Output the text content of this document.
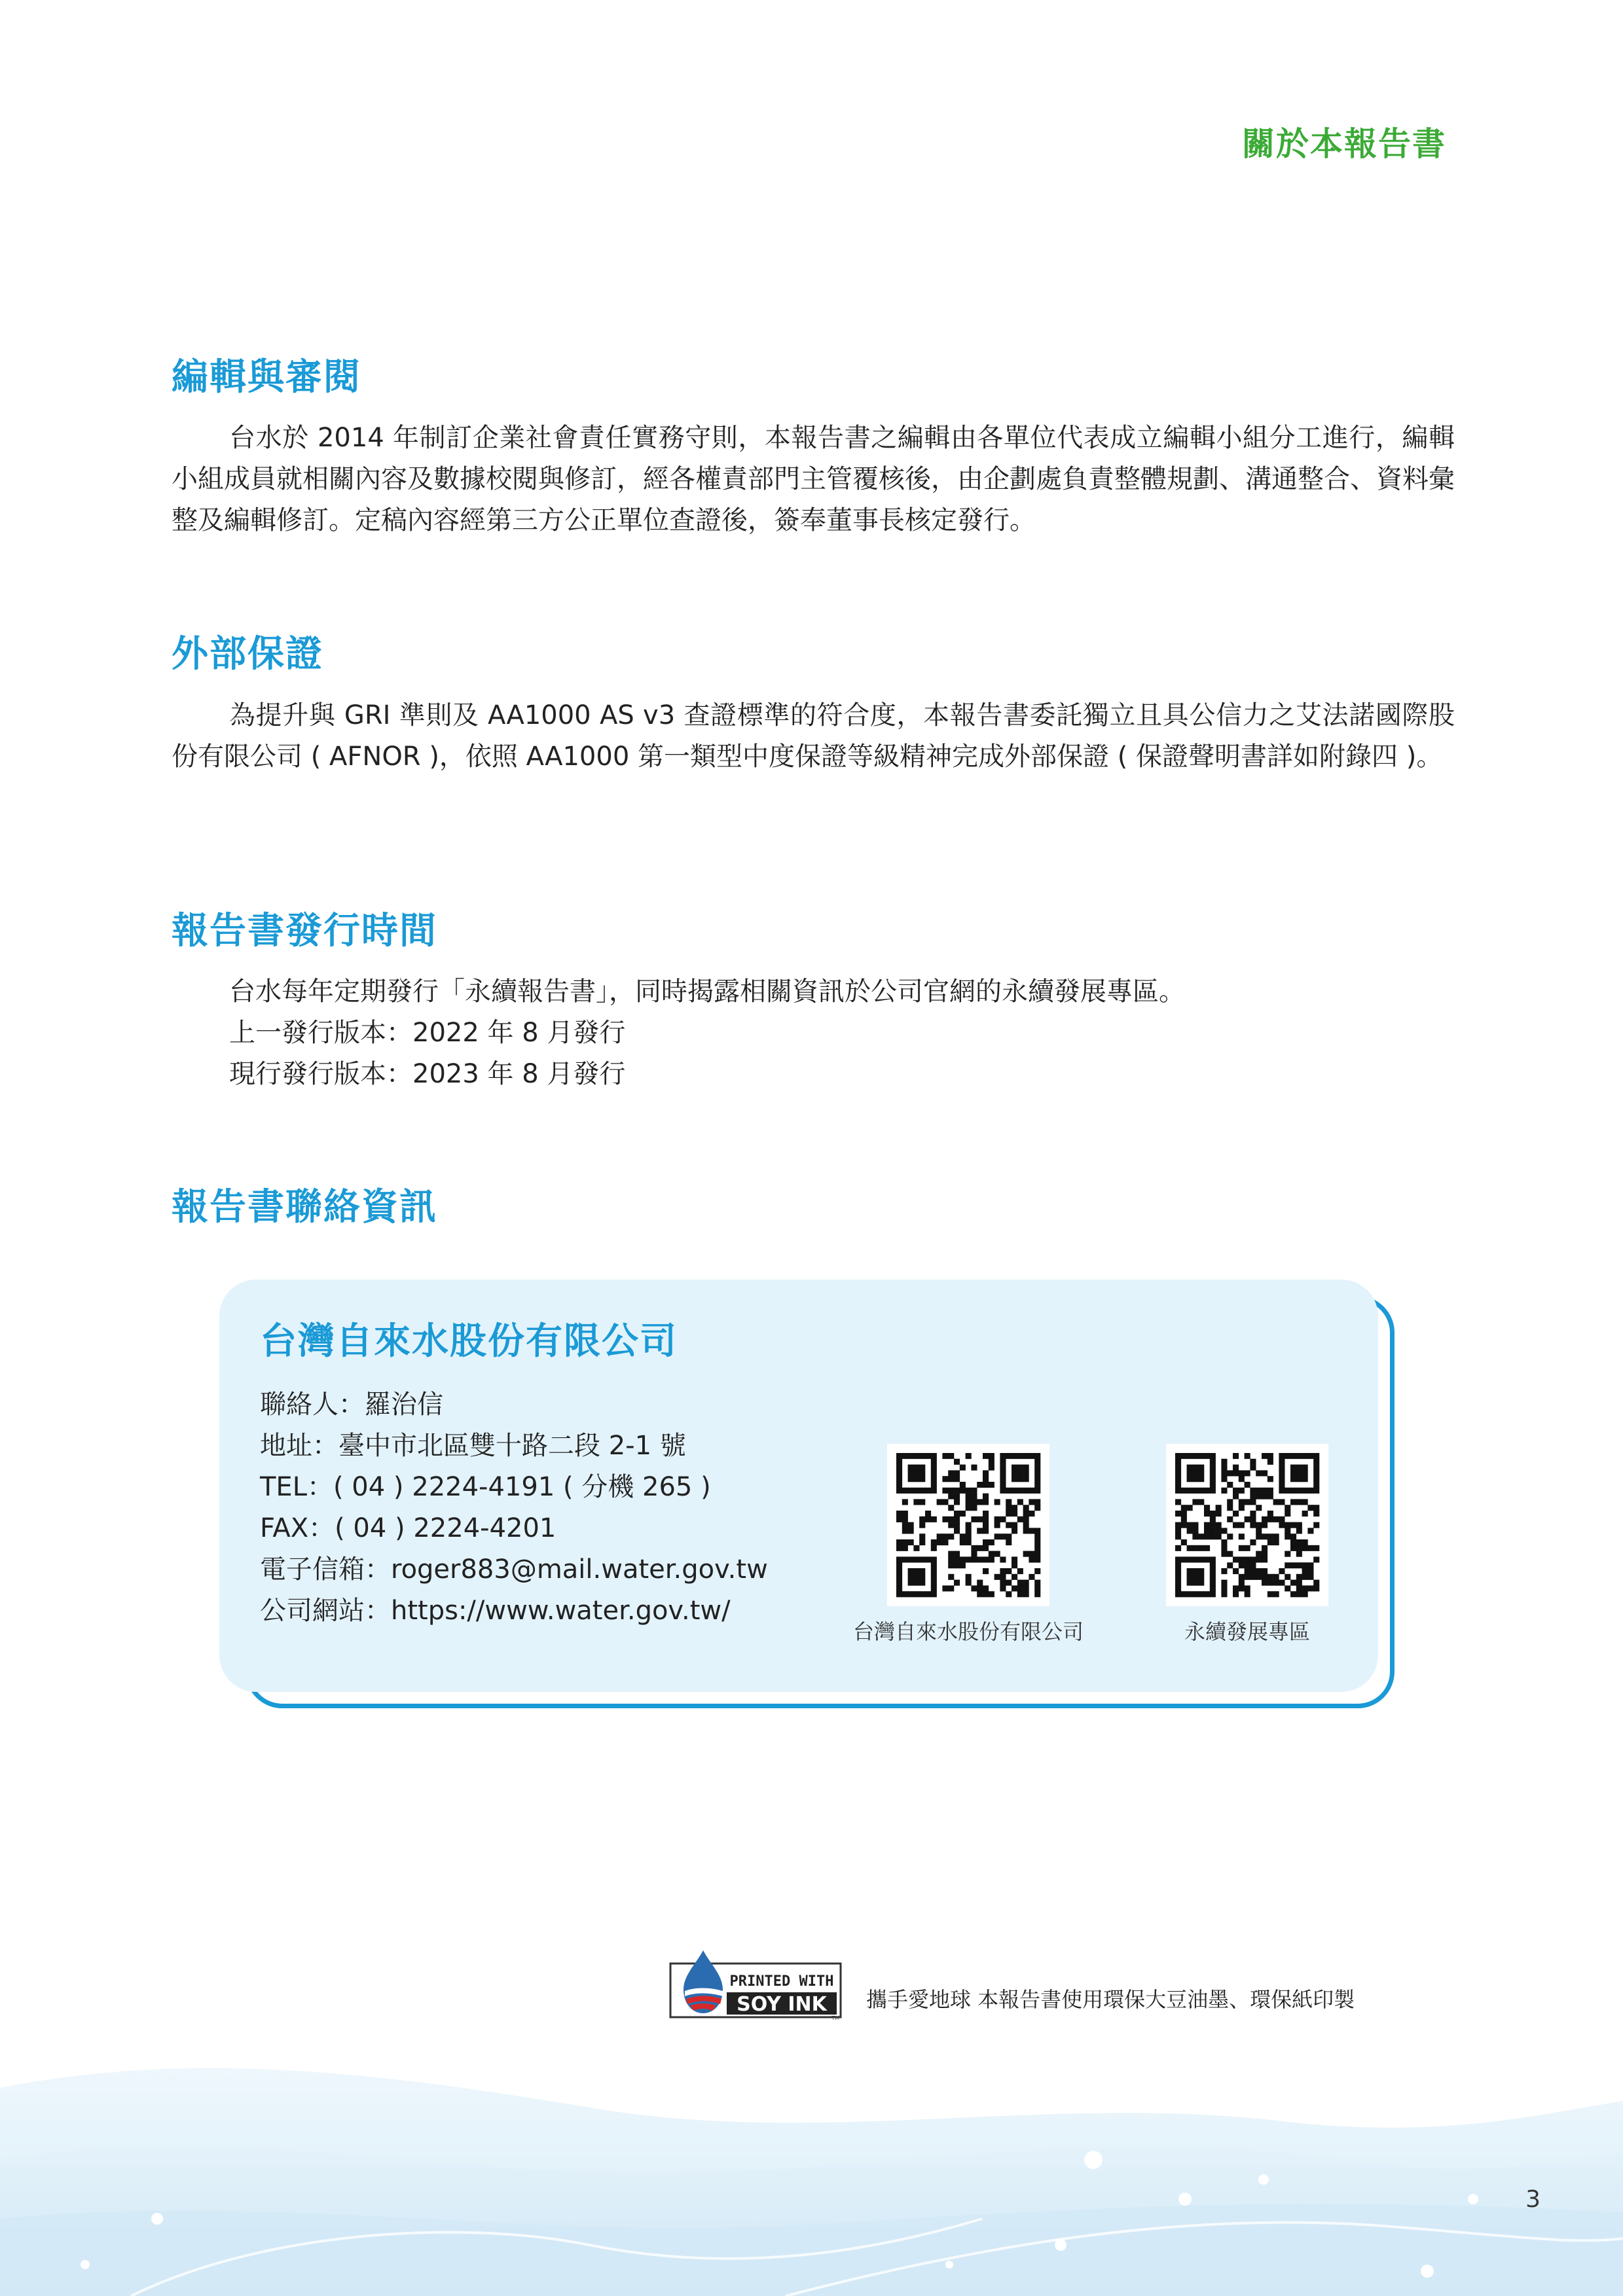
關於本報告書
編輯與審閱
台水於 2014 年制訂企業社會責任實務守則，本報告書之編輯由各單位代表成立編輯小組分工進行，編輯小組成員就相關內容及數據校閱與修訂，經各權責部門主管覆核後，由企劃處負責整體規劃、溝通整合、資料彙整及編輯修訂。定稿內容經第三方公正單位查證後，簽奉董事長核定發行。
外部保證
為提升與 GRI 準則及 AA1000 AS v3 查證標準的符合度，本報告書委託獨立且具公信力之艾法諾國際股份有限公司 ( AFNOR )，依照 AA1000 第一類型中度保證等級精神完成外部保證 ( 保證聲明書詳如附錄四 )。
報告書發行時間
台水每年定期發行「永續報告書」，同時揭露相關資訊於公司官網的永續發展專區。
上一發行版本：2022 年 8 月發行
現行發行版本：2023 年 8 月發行
報告書聯絡資訊
台灣自來水股份有限公司
聯絡人：羅治信
地址：臺中市北區雙十路二段 2-1 號
TEL：( 04 ) 2224-4191 ( 分機 265 )
FAX：( 04 ) 2224-4201
電子信箱：roger883@mail.water.gov.tw
公司網站：https://www.water.gov.tw/
台灣自來水股份有限公司	永續發展專區
PRINTED WITH
SOY INK
TM
攜手愛地球 本報告書使用環保大豆油墨、環保紙印製
3
